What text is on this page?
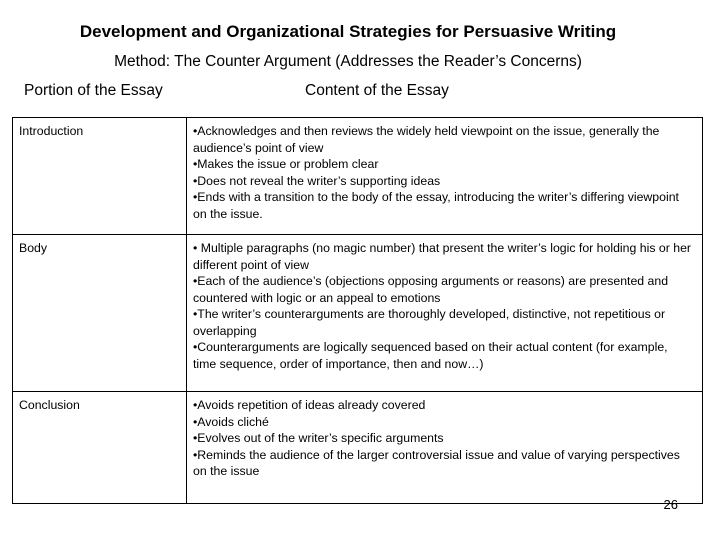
Development and Organizational Strategies for Persuasive Writing
Method: The Counter Argument (Addresses the Reader’s Concerns)
Portion of the Essay	Content of the Essay
Introduction	•Acknowledges and then reviews the widely held viewpoint on the issue, generally the audience’s point of view
•Makes the issue or problem clear
•Does not reveal the writer’s supporting ideas
•Ends with a transition to the body of the essay, introducing the writer’s differing viewpoint on the issue.

Body	• Multiple paragraphs (no magic number) that present the writer’s logic for holding his or her different point of view
•Each of the audience’s (objections opposing arguments or reasons) are presented and countered with logic or an appeal to emotions
•The writer’s counterarguments are thoroughly developed, distinctive, not repetitious or overlapping
•Counterarguments are logically sequenced based on their actual content (for example, time sequence, order of importance, then and now…)

Conclusion	•Avoids repetition of ideas already covered
•Avoids cliché
•Evolves out of the writer’s specific arguments
•Reminds the audience of the larger controversial issue and value of varying perspectives on the issue
26
